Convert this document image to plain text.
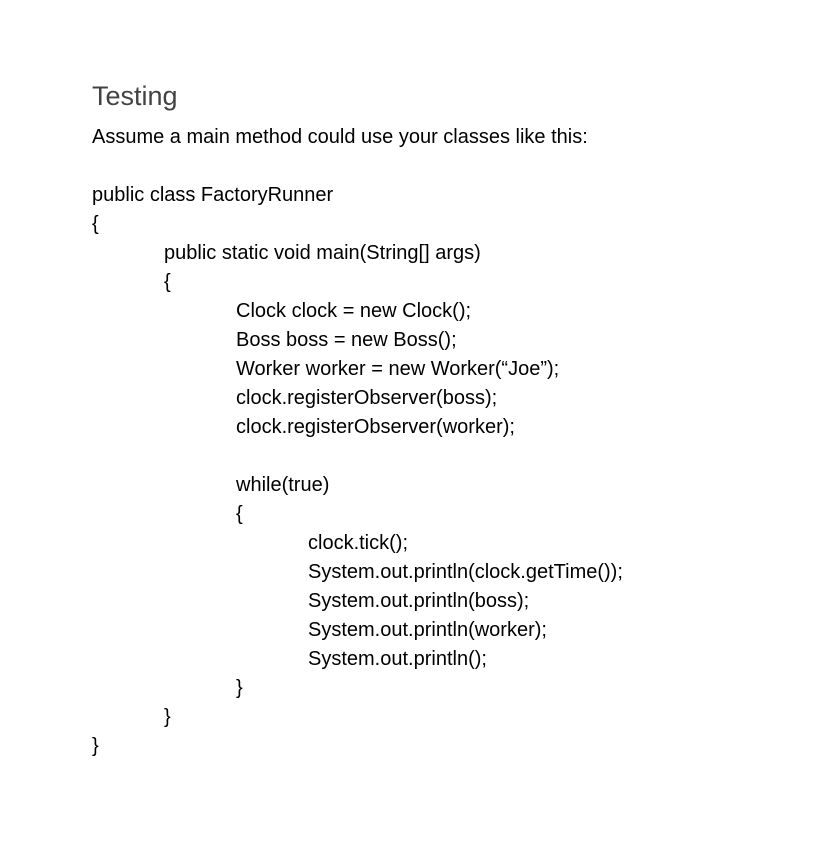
Testing
Assume a main method could use your classes like this:
public class FactoryRunner
{
public static void main(String[] args)
{
Clock clock = new Clock();
Boss boss = new Boss();
Worker worker = new Worker(“Joe”);
clock.registerObserver(boss);
clock.registerObserver(worker);
while(true)
{
clock.tick();
System.out.println(clock.getTime());
System.out.println(boss);
System.out.println(worker);
System.out.println();
}
}
}
